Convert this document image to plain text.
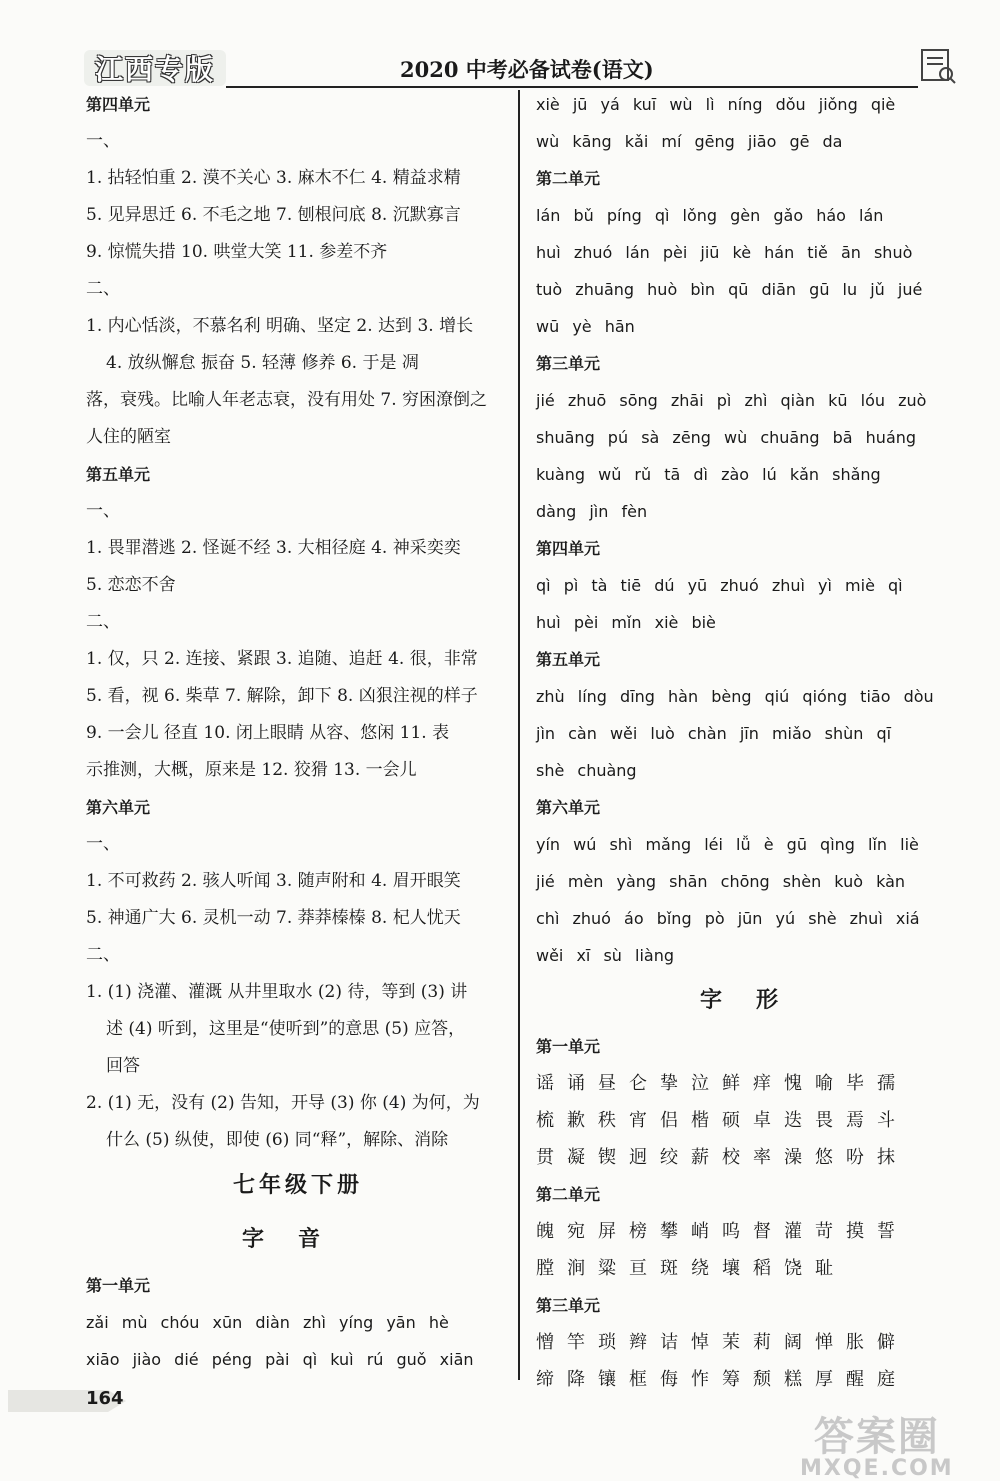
江西专版	2020 中考必备试卷(语文)
第四单元
一、
1. 拈轻怕重 2. 漠不关心 3. 麻木不仁 4. 精益求精
5. 见异思迁 6. 不毛之地 7. 刨根问底 8. 沉默寡言
9. 惊慌失措 10. 哄堂大笑 11. 参差不齐
二、
1. 内心恬淡，不慕名利 明确、坚定 2. 达到 3. 增长
4. 放纵懈怠 振奋 5. 轻薄 修养 6. 于是 凋
落，衰残。比喻人年老志衰，没有用处 7. 穷困潦倒之
人住的陋室
第五单元
一、
1. 畏罪潜逃 2. 怪诞不经 3. 大相径庭 4. 神采奕奕
5. 恋恋不舍
二、
1. 仅，只 2. 连接、紧跟 3. 追随、追赶 4. 很，非常
5. 看，视 6. 柴草 7. 解除，卸下 8. 凶狠注视的样子
9. 一会儿 径直 10. 闭上眼睛 从容、悠闲 11. 表
示推测，大概，原来是 12. 狡猾 13. 一会儿
第六单元
一、
1. 不可救药 2. 骇人听闻 3. 随声附和 4. 眉开眼笑
5. 神通广大 6. 灵机一动 7. 莽莽榛榛 8. 杞人忧天
二、
1. (1) 浇灌、灌溉 从井里取水 (2) 待，等到 (3) 讲
述 (4) 听到，这里是“使听到”的意思 (5) 应答，
回答
2. (1) 无，没有 (2) 告知，开导 (3) 你 (4) 为何，为
什么 (5) 纵使，即使 (6) 同“释”，解除、消除
七年级下册
字音
第一单元
zǎi mù chóu xūn diàn zhì yíng yān hè
xiāo jiào dié péng pài qì kuì rú guǒ xiān
xiè jū yá kuī wù lì níng dǒu jiǒng qiè
wù kāng kǎi mí gēng jiāo gē da
第二单元
lán bǔ píng qì lǒng gèn gǎo háo lán
huì zhuó lán pèi jiū kè hán tiě ān shuò
tuò zhuāng huò bìn qū diān gū lu jǔ jué
wū yè hān
第三单元
jié zhuō sōng zhāi pì zhì qiàn kū lóu zuò
shuāng pú sà zēng wù chuāng bā huáng
kuàng wǔ rǔ tā dì zào lú kǎn shǎng
dàng jìn fèn
第四单元
qì pì tà tiē dú yū zhuó zhuì yì miè qì
huì pèi mǐn xiè biè
第五单元
zhù líng dīng hàn bèng qiú qióng tiāo dòu
jìn càn wěi luò chàn jīn miǎo shùn qī
shè chuàng
第六单元
yín wú shì mǎng léi lǚ è gū qìng lǐn liè
jié mèn yàng shān chōng shèn kuò kàn
chì zhuó áo bǐng pò jūn yú shè zhuì xiá
wěi xī sù liàng
字形
第一单元
谣诵昼仑挚泣鲜痒愧喻毕孺
梳歉秩宵侣楷硕卓迭畏焉斗
贯凝锲迥绞薪校率澡悠吩抹
第二单元
魄宛屏榜攀峭呜督灌苛摸誓
膛涧粱亘斑绕壤稻饶耻
第三单元
憎竿琐辫诘悼茉莉阔惮胀僻
缔降镶框侮怍筹颓糕厚醒庭
164
答案圈
MXQE.COM
